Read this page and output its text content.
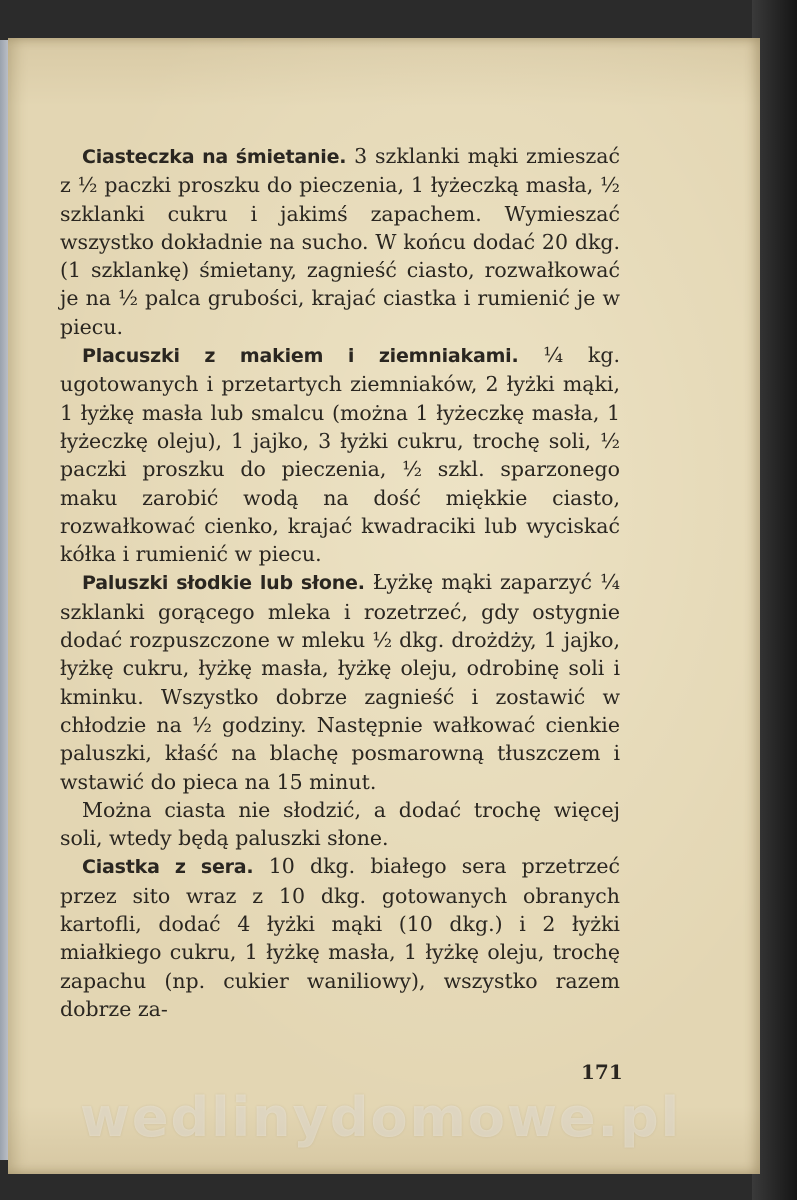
Ciasteczka na śmietanie. 3 szklanki mąki zmieszać z ½ paczki proszku do pieczenia, 1 łyżeczką masła, ½ szklanki cukru i jakimś zapachem. Wymieszać wszystko dokładnie na sucho. W końcu dodać 20 dkg. (1 szklankę) śmietany, zagnieść ciasto, rozwałkować je na ½ palca grubości, krajać ciastka i rumienić je w piecu.

Placuszki z makiem i ziemniakami. ¼ kg. ugotowanych i przetartych ziemniaków, 2 łyżki mąki, 1 łyżkę masła lub smalcu (można 1 łyżeczkę masła, 1 łyżeczkę oleju), 1 jajko, 3 łyżki cukru, trochę soli, ½ paczki proszku do pieczenia, ½ szkl. sparzonego maku zarobić wodą na dość miękkie ciasto, rozwałkować cienko, krajać kwadraciki lub wyciskać kółka i rumienić w piecu.

Paluszki słodkie lub słone. Łyżkę mąki zaparzyć ¼ szklanki gorącego mleka i rozetrzeć, gdy ostygnie dodać rozpuszczone w mleku ½ dkg. drożdży, 1 jajko, łyżkę cukru, łyżkę masła, łyżkę oleju, odrobinę soli i kminku. Wszystko dobrze zagnieść i zostawić w chłodzie na ½ godziny. Następnie wałkować cienkie paluszki, kłaść na blachę posmarowną tłuszczem i wstawić do pieca na 15 minut.

Można ciasta nie słodzić, a dodać trochę więcej soli, wtedy będą paluszki słone.

Ciastka z sera. 10 dkg. białego sera przetrzeć przez sito wraz z 10 dkg. gotowanych obranych kartofli, dodać 4 łyżki mąki (10 dkg.) i 2 łyżki miałkiego cukru, 1 łyżkę masła, 1 łyżkę oleju, trochę zapachu (np. cukier waniliowy), wszystko razem dobrze za-

171
wedlinydomowe.pl
